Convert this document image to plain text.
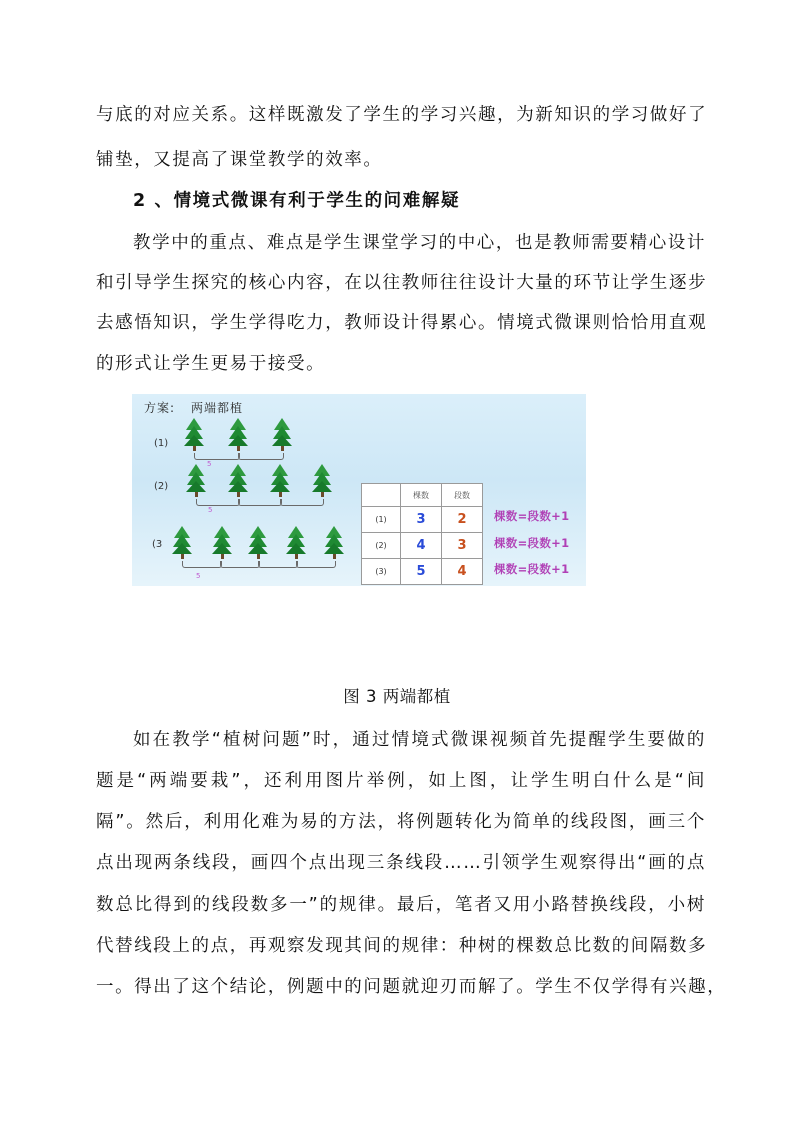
与底的对应关系。这样既激发了学生的学习兴趣，为新知识的学习做好了
铺垫，又提高了课堂教学的效率。
2 、情境式微课有利于学生的问难解疑
教学中的重点、难点是学生课堂学习的中心，也是教师需要精心设计
和引导学生探究的核心内容，在以往教师往往设计大量的环节让学生逐步
去感悟知识，学生学得吃力，教师设计得累心。情境式微课则恰恰用直观
的形式让学生更易于接受。
方案: 两端都植
(1)
5
(2)
5
(3
5
	棵数	段数
(1)	3	2
(2)	4	3
(3)	5	4
棵数=段数+1
棵数=段数+1
棵数=段数+1
图 3 两端都植
如在教学“植树问题”时，通过情境式微课视频首先提醒学生要做的
题是“两端要栽”，还利用图片举例，如上图，让学生明白什么是“间
隔”。然后，利用化难为易的方法，将例题转化为简单的线段图，画三个
点出现两条线段，画四个点出现三条线段……引领学生观察得出“画的点
数总比得到的线段数多一”的规律。最后，笔者又用小路替换线段，小树
代替线段上的点，再观察发现其间的规律：种树的棵数总比数的间隔数多
一。得出了这个结论，例题中的问题就迎刃而解了。学生不仅学得有兴趣，
